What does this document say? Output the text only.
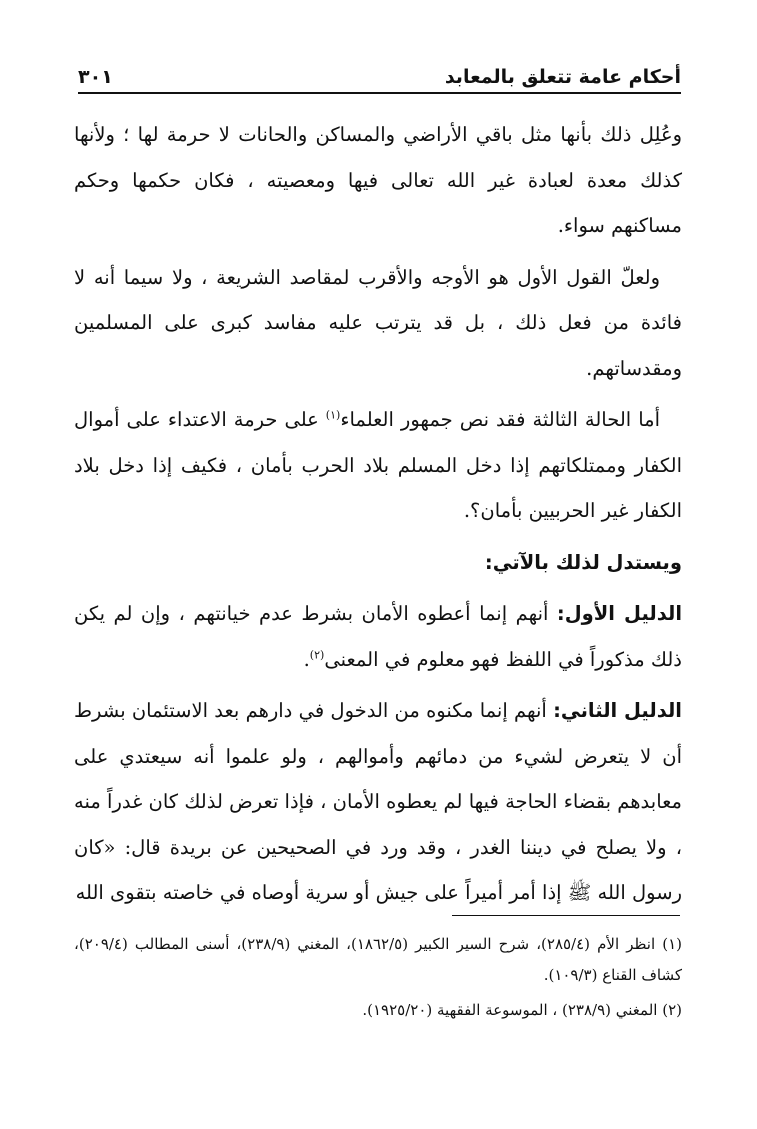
أحكام عامة تتعلق بالمعابد
٣٠١

وعُلِل ذلك بأنها مثل باقي الأراضي والمساكن والحانات لا حرمة لها ؛ ولأنها كذلك معدة لعبادة غير الله تعالى فيها ومعصيته ، فكان حكمها وحكم مساكنهم سواء.

ولعلّ القول الأول هو الأوجه والأقرب لمقاصد الشريعة ، ولا سيما أنه لا فائدة من فعل ذلك ، بل قد يترتب عليه مفاسد كبرى على المسلمين ومقدساتهم.

أما الحالة الثالثة فقد نص جمهور العلماء$^{(١)}$ على حرمة الاعتداء على أموال الكفار وممتلكاتهم إذا دخل المسلم بلاد الحرب بأمان ، فكيف إذا دخل بلاد الكفار غير الحربيين بأمان؟.

ويستدل لذلك بالآتي:

الدليل الأول: أنهم إنما أعطوه الأمان بشرط عدم خيانتهم ، وإن لم يكن ذلك مذكوراً في اللفظ فهو معلوم في المعنى$^{(٢)}$.

الدليل الثاني: أنهم إنما مكنوه من الدخول في دارهم بعد الاستئمان بشرط أن لا يتعرض لشيء من دمائهم وأموالهم ، ولو علموا أنه سيعتدي على معابدهم بقضاء الحاجة فيها لم يعطوه الأمان ، فإذا تعرض لذلك كان غدراً منه ، ولا يصلح في ديننا الغدر ، وقد ورد في الصحيحين عن بريدة قال: «كان رسول الله ﷺ إذا أمر أميراً على جيش أو سرية أوصاه في خاصته بتقوى الله

(١) انظر الأم (٢٨٥/٤)، شرح السير الكبير (١٨٦٢/٥)، المغني (٢٣٨/٩)، أسنى المطالب (٢٠٩/٤)، كشاف القناع (١٠٩/٣).

(٢) المغني (٢٣٨/٩) ، الموسوعة الفقهية (١٩٢٥/٢٠).
